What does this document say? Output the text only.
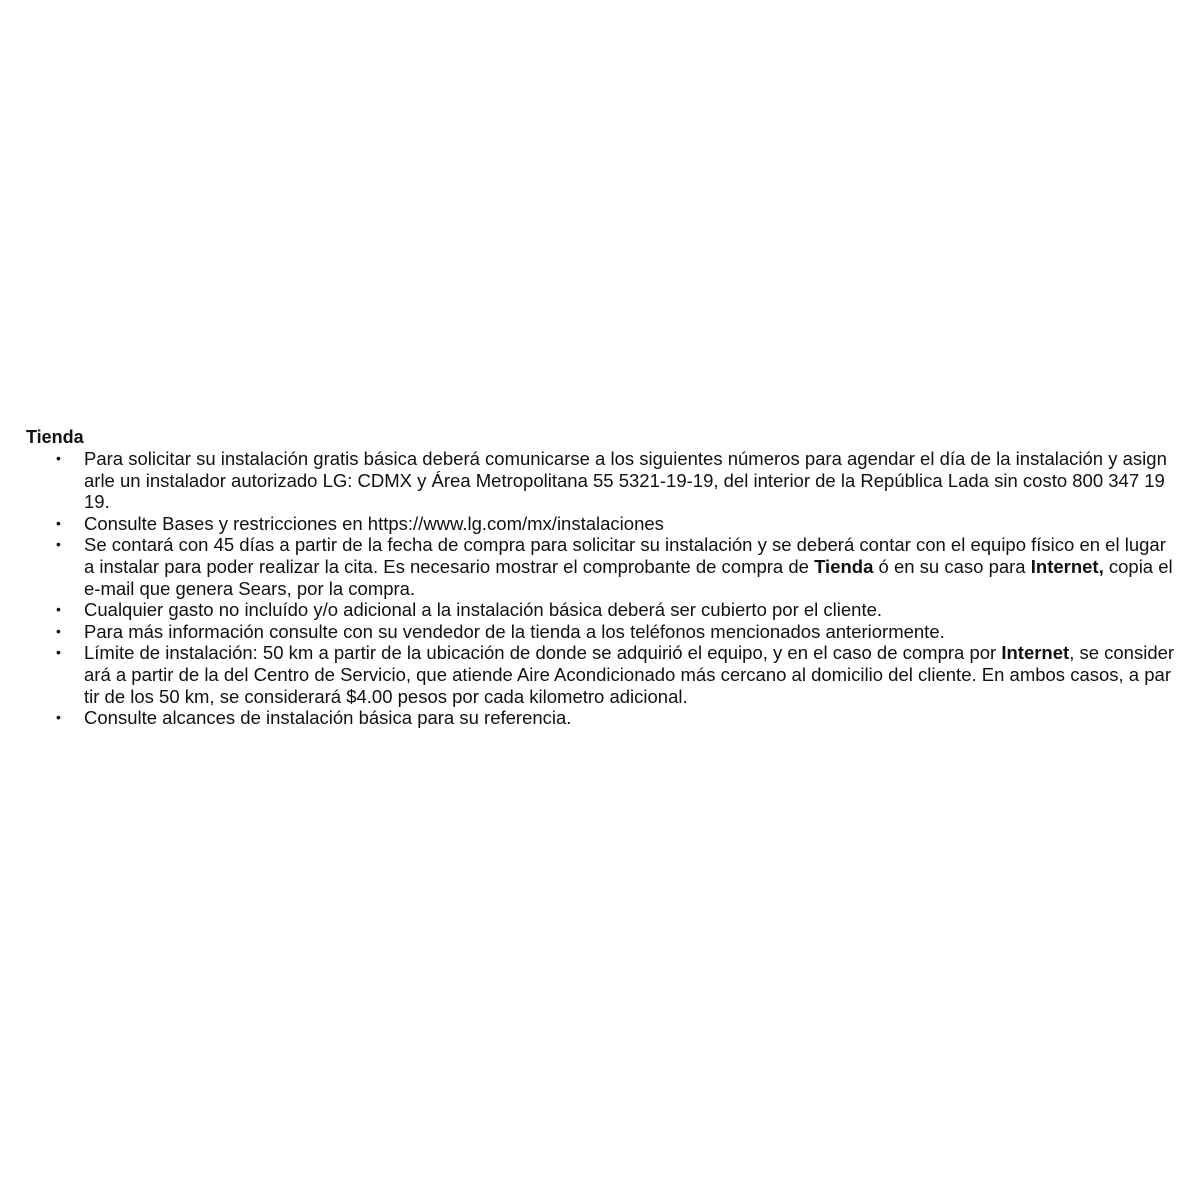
Tienda
• Para solicitar su instalación gratis básica deberá comunicarse a los siguientes números para agendar el día de la instalación y asignarle un instalador autorizado LG: CDMX y Área Metropolitana 55 5321-19-19, del interior de la República Lada sin costo 800 347 19 19.
• Consulte Bases y restricciones en https://www.lg.com/mx/instalaciones
• Se contará con 45 días a partir de la fecha de compra para solicitar su instalación y se deberá contar con el equipo físico en el lugar a instalar para poder realizar la cita. Es necesario mostrar el comprobante de compra de Tienda ó en su caso para Internet, copia el e-mail que genera Sears, por la compra.
• Cualquier gasto no incluído y/o adicional a la instalación básica deberá ser cubierto por el cliente.
• Para más información consulte con su vendedor de la tienda a los teléfonos mencionados anteriormente.
• Límite de instalación: 50 km a partir de la ubicación de donde se adquirió el equipo, y en el caso de compra por Internet, se considerará a partir de la del Centro de Servicio, que atiende Aire Acondicionado más cercano al domicilio del cliente. En ambos casos, a partir de los 50 km, se considerará $4.00 pesos por cada kilometro adicional.
• Consulte alcances de instalación básica para su referencia.
